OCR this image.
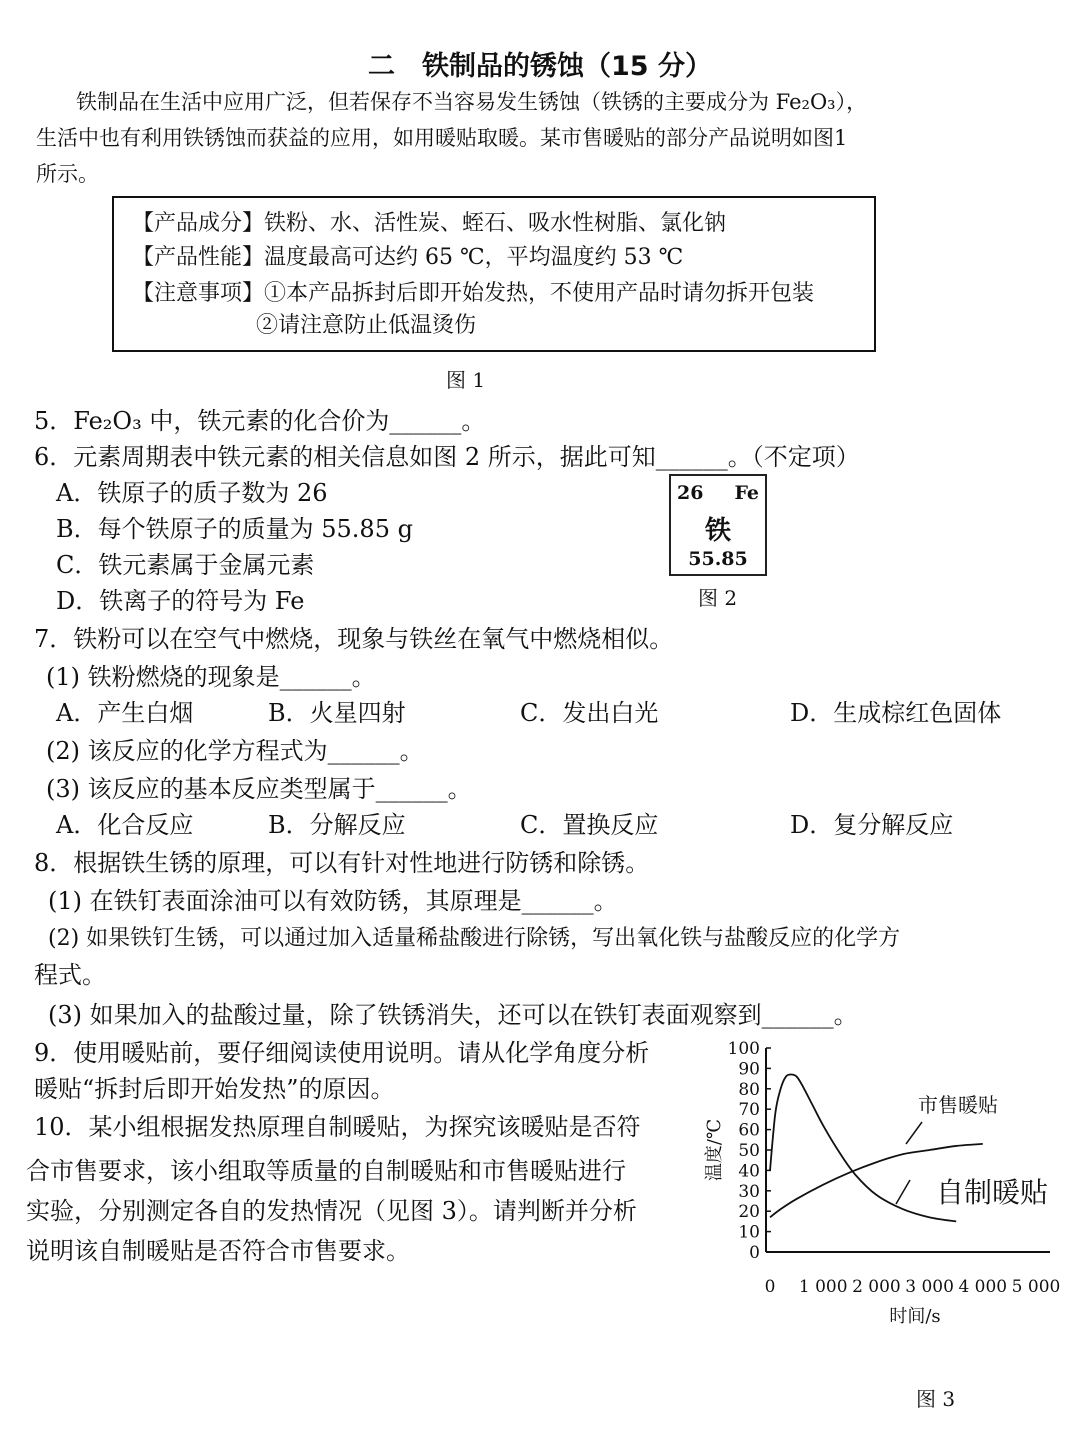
二　铁制品的锈蚀（15 分）
铁制品在生活中应用广泛，但若保存不当容易发生锈蚀（铁锈的主要成分为 Fe₂O₃），
生活中也有利用铁锈蚀而获益的应用，如用暖贴取暖。某市售暖贴的部分产品说明如图1
所示。
【产品成分】铁粉、水、活性炭、蛭石、吸水性树脂、氯化钠
【产品性能】温度最高可达约 65 ℃，平均温度约 53 ℃
【注意事项】①本产品拆封后即开始发热，不使用产品时请勿拆开包装
②请注意防止低温烫伤
图 1
5．Fe₂O₃ 中，铁元素的化合价为______。
6．元素周期表中铁元素的相关信息如图 2 所示，据此可知______。（不定项）
A．铁原子的质子数为 26
B．每个铁原子的质量为 55.85 g
C．铁元素属于金属元素
D．铁离子的符号为 Fe
26 Fe
铁
55.85
图 2
7．铁粉可以在空气中燃烧，现象与铁丝在氧气中燃烧相似。
(1) 铁粉燃烧的现象是______。
A．产生白烟	B．火星四射	C．发出白光	D．生成棕红色固体
(2) 该反应的化学方程式为______。
(3) 该反应的基本反应类型属于______。
A．化合反应	B．分解反应	C．置换反应	D．复分解反应
8．根据铁生锈的原理，可以有针对性地进行防锈和除锈。
(1) 在铁钉表面涂油可以有效防锈，其原理是______。
(2) 如果铁钉生锈，可以通过加入适量稀盐酸进行除锈，写出氧化铁与盐酸反应的化学方
程式。
(3) 如果加入的盐酸过量，除了铁锈消失，还可以在铁钉表面观察到______。
9．使用暖贴前，要仔细阅读使用说明。请从化学角度分析
暖贴“拆封后即开始发热”的原因。
10．某小组根据发热原理自制暖贴，为探究该暖贴是否符
合市售要求，该小组取等质量的自制暖贴和市售暖贴进行
实验，分别测定各自的发热情况（见图 3）。请判断并分析
说明该自制暖贴是否符合市售要求。	0
10
20
30
40
50
60
70
80
90
100
0 1 000 2 000 3 000 4 000 5 000
温度/℃
时间/s
市售暖贴
自制暖贴
图 3
